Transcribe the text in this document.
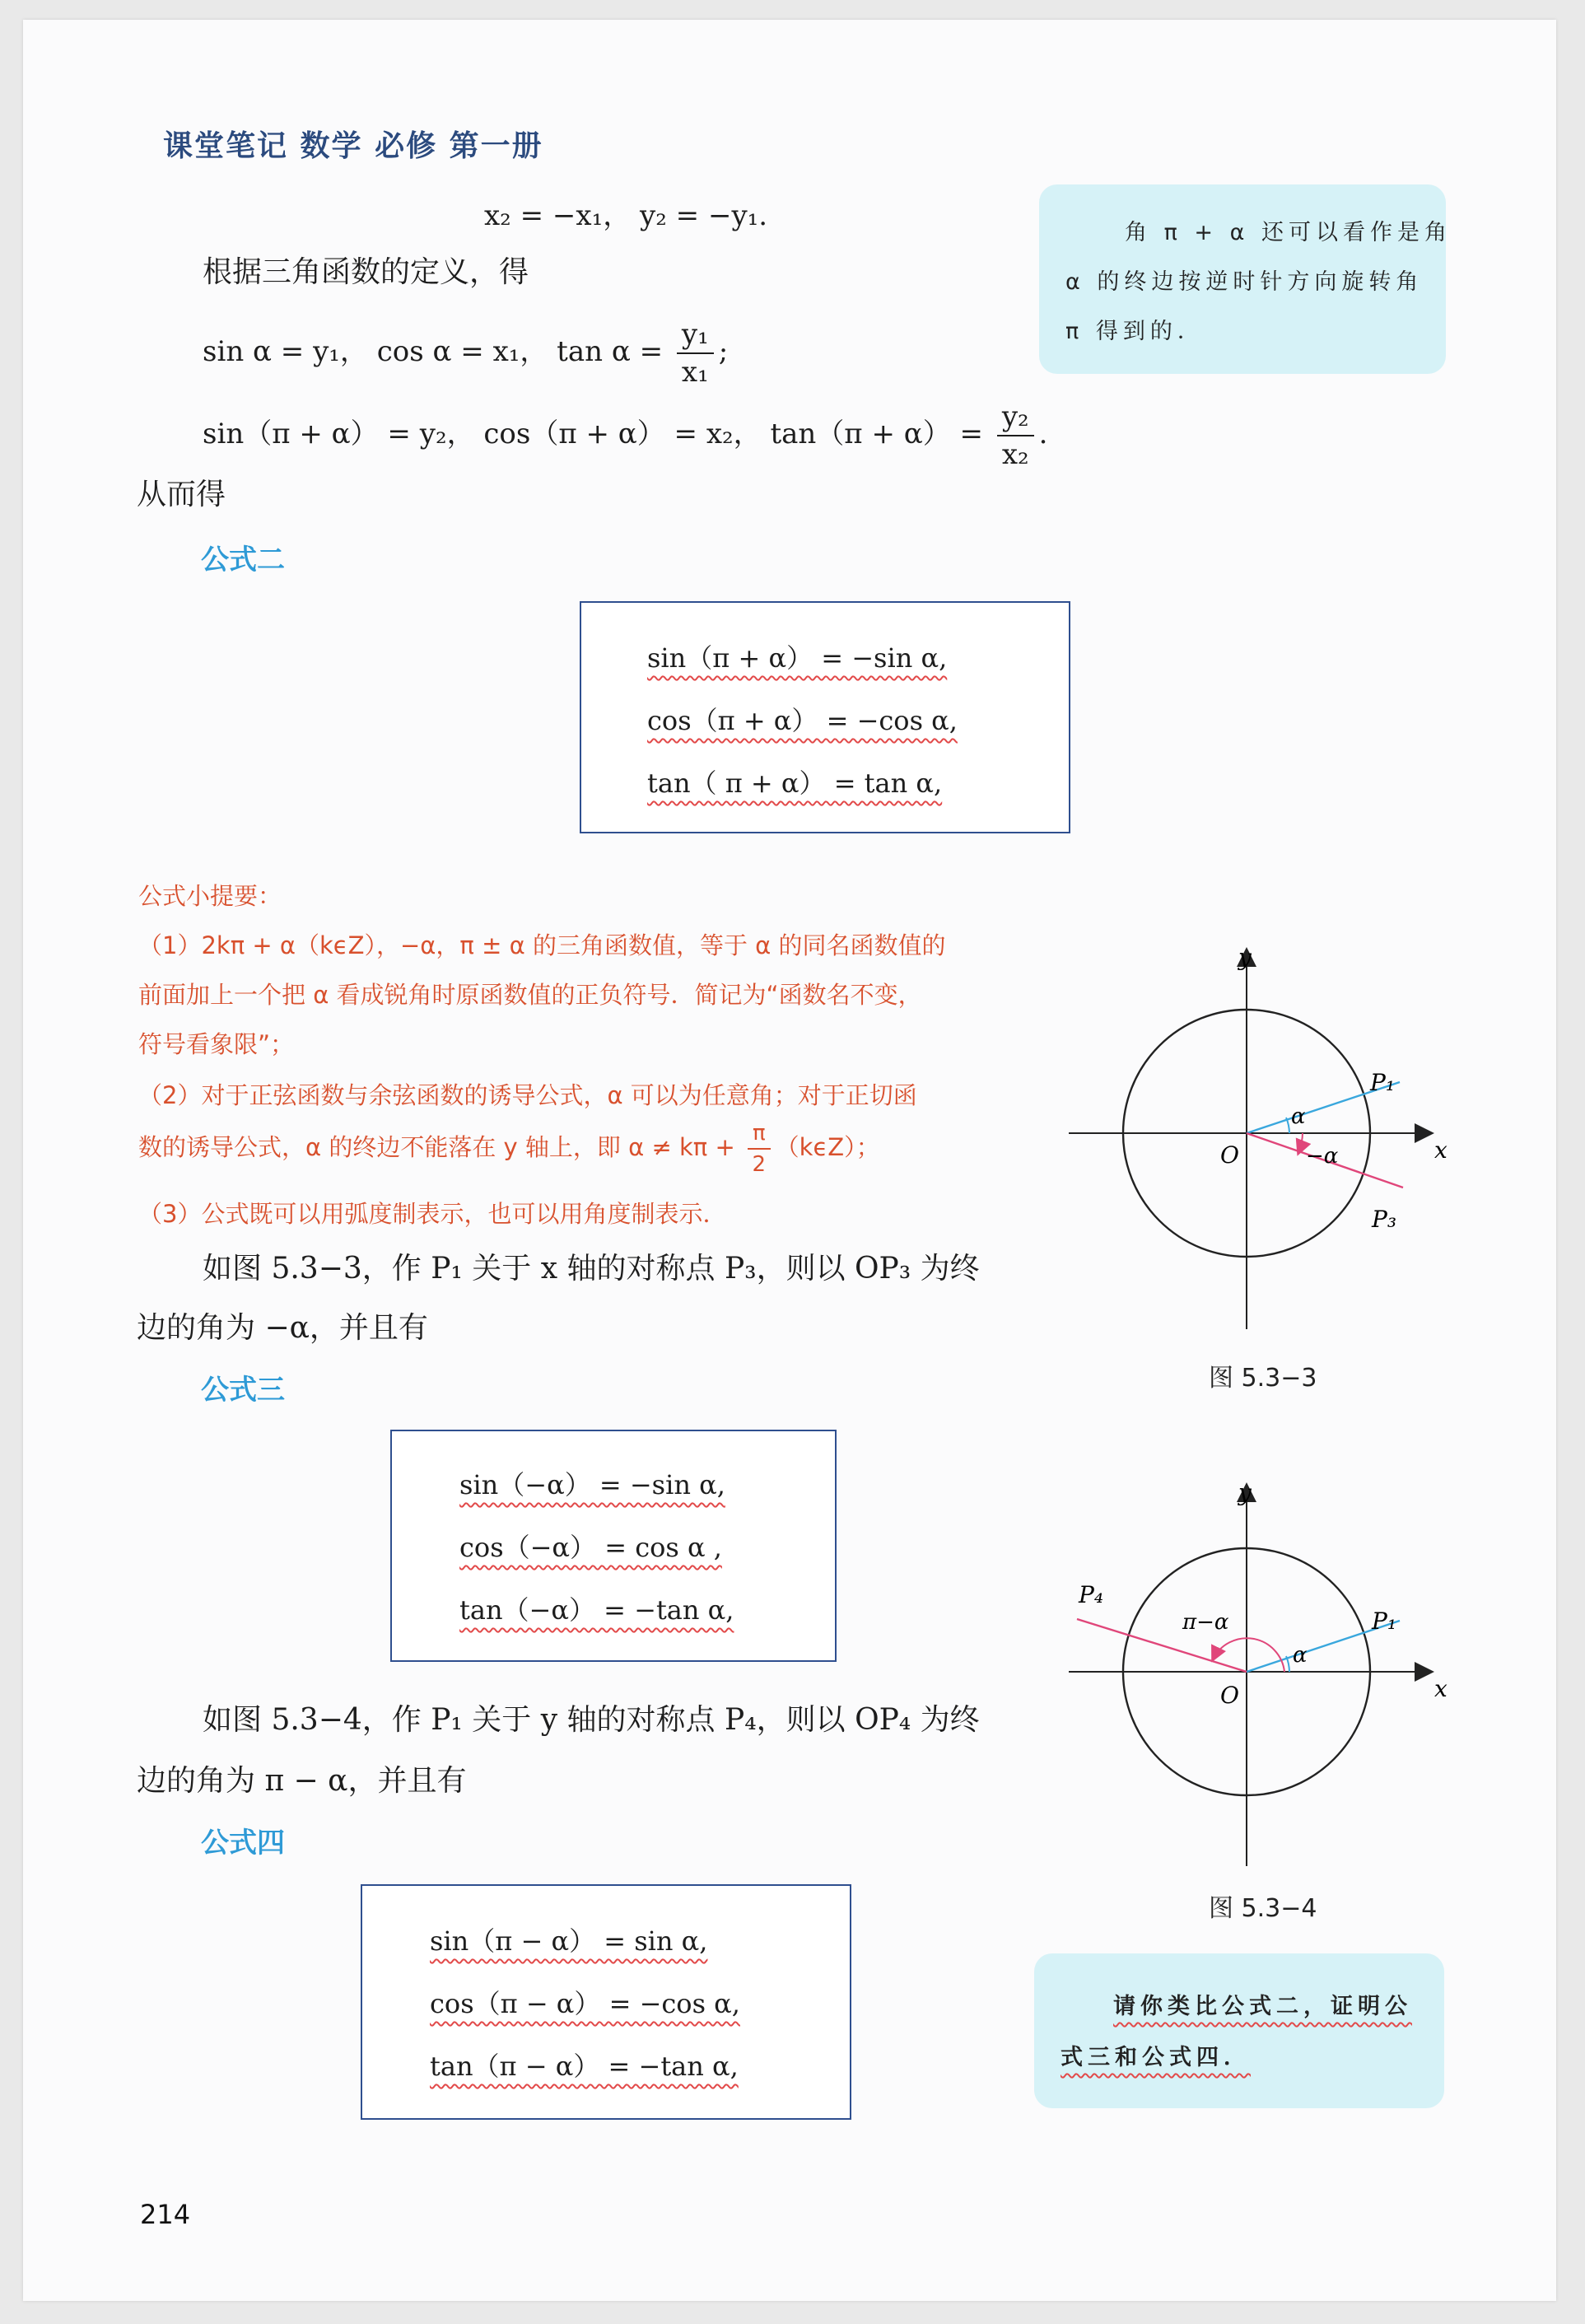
课堂笔记 数学 必修 第一册
x₂ = −x₁， y₂ = −y₁.
根据三角函数的定义，得
sin α = y₁， cos α = x₁， $\tan \alpha = \frac{\text{y₁}}{\text{x₁}}$ ;
sin（π + α） = y₂， cos（π + α） = x₂， $\tan(\pi + \alpha) = \frac{\text{y₂}}{\text{x₂}}$ .
从而得
公式二
sin（π + α） = −sin α,
cos（π + α） = −cos α,
tan（ π + α） = tan α,
角 π + α 还可以看作是角
α 的终边按逆时针方向旋转角
π 得到的．
公式小提要：
（1）2kπ + α（kϵZ），−α，π ± α 的三角函数值，等于 α 的同名函数值的
前面加上一个把 α 看成锐角时原函数值的正负符号．简记为“函数名不变，
符号看象限”；
（2）对于正弦函数与余弦函数的诱导公式，α 可以为任意角；对于正切函
数的诱导公式，α 的终边不能落在 y 轴上，即 $\alpha \ne k\pi + \frac{\pi}{2} (k\epsilon Z)$；
（3）公式既可以用弧度制表示，也可以用角度制表示．
如图 5.3−3，作 P₁ 关于 x 轴的对称点 P₃，则以 OP₃ 为终
边的角为 −α，并且有
公式三
sin（−α） = −sin α,
cos（−α） = cos α ,
tan（−α） = −tan α,
如图 5.3−4，作 P₁ 关于 y 轴的对称点 P₄，则以 OP₄ 为终
边的角为 π − α，并且有
公式四
sin（π − α） = sin α,
cos（π − α） = −cos α,
tan（π − α） = −tan α,
请你类比公式二，证明公
式三和公式四．
y
x
O
P₁
P₃
α
−α
图 5.3−3
y
x
O
P₁
P₄
α
π−α
图 5.3−4
214
